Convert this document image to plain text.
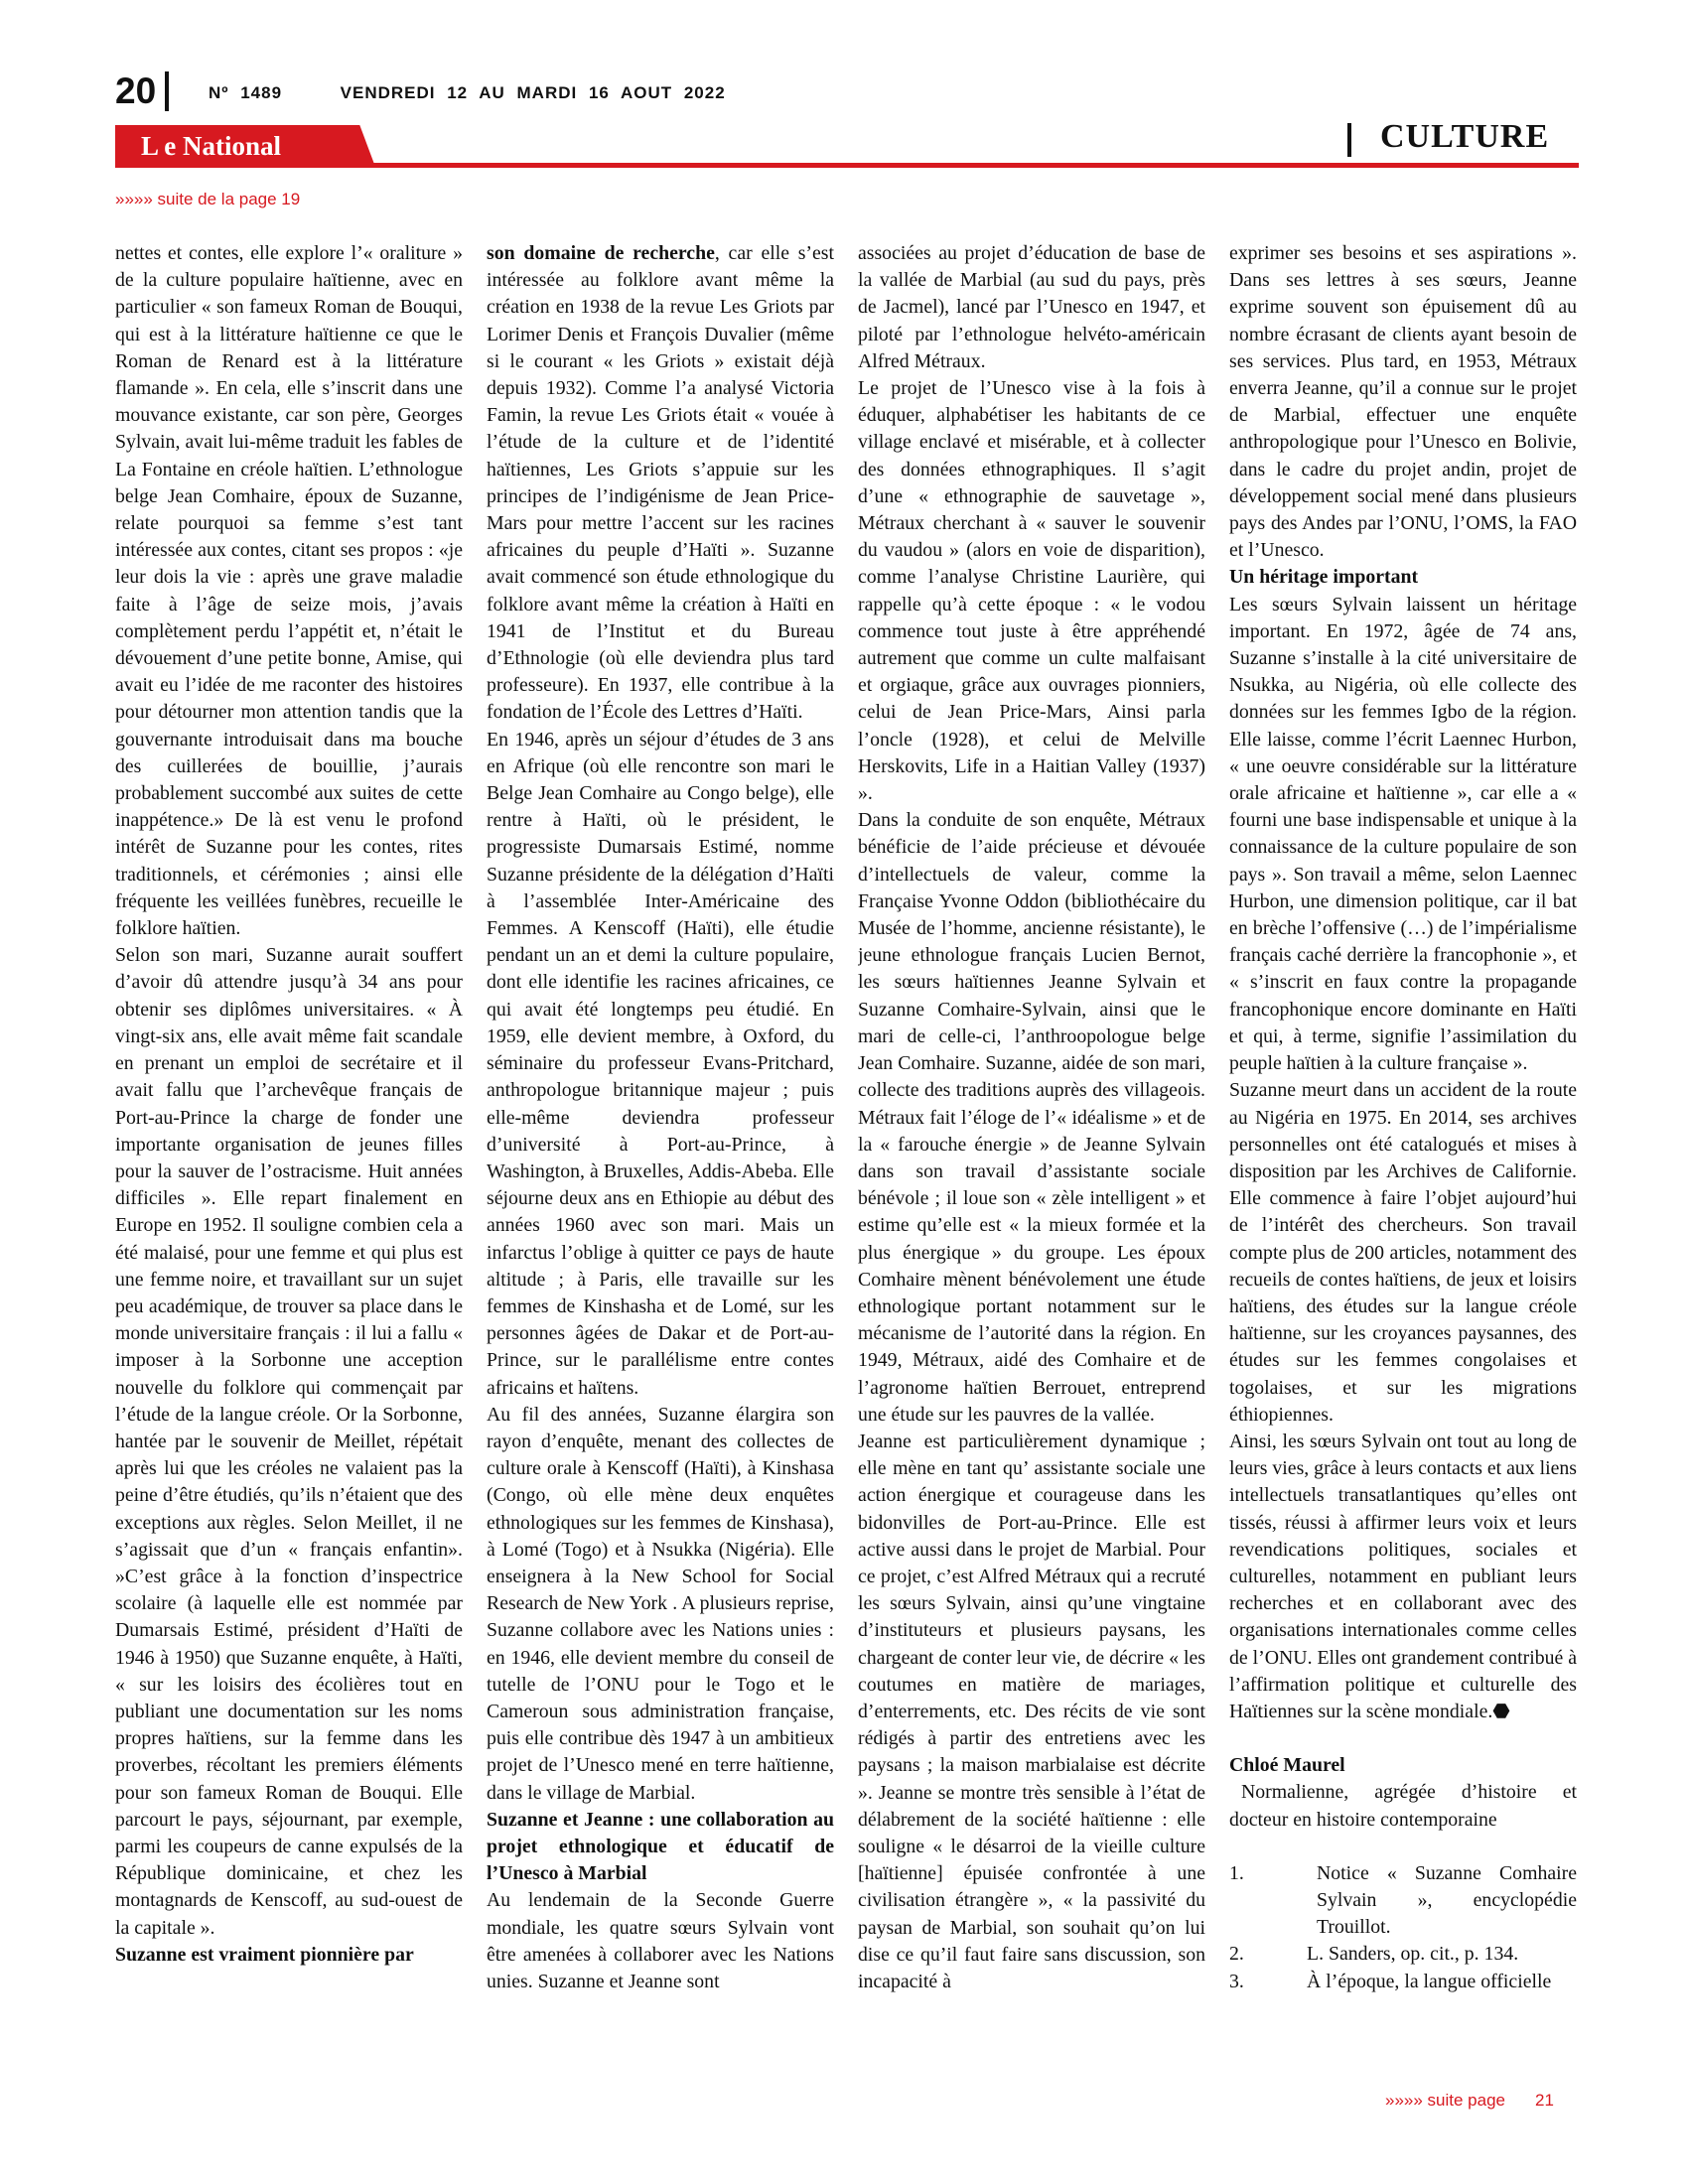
20	Nº 1489	VENDREDI 12 AU MARDI 16 AOUT 2022
L e National	CULTURE
»»»» suite de la page 19

nettes et contes, elle explore l’« oraliture » de la culture populaire haïtienne, avec en particulier « son fameux Roman de Bouqui, qui est à la littérature haïtienne ce que le Roman de Renard est à la littérature flamande ». En cela, elle s’inscrit dans une mouvance existante, car son père, Georges Sylvain, avait lui-même traduit les fables de La Fontaine en créole haïtien. L’ethnologue belge Jean Comhaire, époux de Suzanne, relate pourquoi sa femme s’est tant intéressée aux contes, citant ses propos : «je leur dois la vie : après une grave maladie faite à l’âge de seize mois, j’avais complètement perdu l’appétit et, n’était le dévouement d’une petite bonne, Amise, qui avait eu l’idée de me raconter des histoires pour détourner mon attention tandis que la gouvernante introduisait dans ma bouche des cuillerées de bouillie, j’aurais probablement succombé aux suites de cette inappétence.» De là est venu le profond intérêt de Suzanne pour les contes, rites traditionnels, et cérémonies ; ainsi elle fréquente les veillées funèbres, recueille le folklore haïtien.

Selon son mari, Suzanne aurait souffert d’avoir dû attendre jusqu’à 34 ans pour obtenir ses diplômes universitaires. « À vingt-six ans, elle avait même fait scandale en prenant un emploi de secrétaire et il avait fallu que l’archevêque français de Port-au-Prince la charge de fonder une importante organisation de jeunes filles pour la sauver de l’ostracisme. Huit années difficiles ». Elle repart finalement en Europe en 1952. Il souligne combien cela a été malaisé, pour une femme et qui plus est une femme noire, et travaillant sur un sujet peu académique, de trouver sa place dans le monde universitaire français : il lui a fallu « imposer à la Sorbonne une acception nouvelle du folklore qui commençait par l’étude de la langue créole. Or la Sorbonne, hantée par le souvenir de Meillet, répétait après lui que les créoles ne valaient pas la peine d’être étudiés, qu’ils n’étaient que des exceptions aux règles. Selon Meillet, il ne s’agissait que d’un « français enfantin». »C’est grâce à la fonction d’inspectrice scolaire (à laquelle elle est nommée par Dumarsais Estimé, président d’Haïti de 1946 à 1950) que Suzanne enquête, à Haïti, « sur les loisirs des écolières tout en publiant une documentation sur les noms propres haïtiens, sur la femme dans les proverbes, récoltant les premiers éléments pour son fameux Roman de Bouqui. Elle parcourt le pays, séjournant, par exemple, parmi les coupeurs de canne expulsés de la République dominicaine, et chez les montagnards de Kenscoff, au sud-ouest de la capitale ».

Suzanne est vraiment pionnière par

son domaine de recherche, car elle s’est intéressée au folklore avant même la création en 1938 de la revue Les Griots par Lorimer Denis et François Duvalier (même si le courant « les Griots » existait déjà depuis 1932). Comme l’a analysé Victoria Famin, la revue Les Griots était « vouée à l’étude de la culture et de l’identité haïtiennes, Les Griots s’appuie sur les principes de l’indigénisme de Jean Price-Mars pour mettre l’accent sur les racines africaines du peuple d’Haïti ». Suzanne avait commencé son étude ethnologique du folklore avant même la création à Haïti en 1941 de l’Institut et du Bureau d’Ethnologie (où elle deviendra plus tard professeure). En 1937, elle contribue à la fondation de l’École des Lettres d’Haïti.

En 1946, après un séjour d’études de 3 ans en Afrique (où elle rencontre son mari le Belge Jean Comhaire au Congo belge), elle rentre à Haïti, où le président, le progressiste Dumarsais Estimé, nomme Suzanne présidente de la délégation d’Haïti à l’assemblée Inter-Américaine des Femmes. A Kenscoff (Haïti), elle étudie pendant un an et demi la culture populaire, dont elle identifie les racines africaines, ce qui avait été longtemps peu étudié. En 1959, elle devient membre, à Oxford, du séminaire du professeur Evans-Pritchard, anthropologue britannique majeur ; puis elle-même deviendra professeur d’université à Port-au-Prince, à Washington, à Bruxelles, Addis-Abeba. Elle séjourne deux ans en Ethiopie au début des années 1960 avec son mari. Mais un infarctus l’oblige à quitter ce pays de haute altitude ; à Paris, elle travaille sur les femmes de Kinshasha et de Lomé, sur les personnes âgées de Dakar et de Port-au-Prince, sur le parallélisme entre contes africains et haïtens.

Au fil des années, Suzanne élargira son rayon d’enquête, menant des collectes de culture orale à Kenscoff (Haïti), à Kinshasa (Congo, où elle mène deux enquêtes ethnologiques sur les femmes de Kinshasa), à Lomé (Togo) et à Nsukka (Nigéria). Elle enseignera à la New School for Social Research de New York . A plusieurs reprise, Suzanne collabore avec les Nations unies : en 1946, elle devient membre du conseil de tutelle de l’ONU pour le Togo et le Cameroun sous administration française, puis elle contribue dès 1947 à un ambitieux projet de l’Unesco mené en terre haïtienne, dans le village de Marbial.

Suzanne et Jeanne : une collaboration au projet ethnologique et éducatif de l’Unesco à Marbial

Au lendemain de la Seconde Guerre mondiale, les quatre sœurs Sylvain vont être amenées à collaborer avec les Nations unies. Suzanne et Jeanne sont

associées au projet d’éducation de base de la vallée de Marbial (au sud du pays, près de Jacmel), lancé par l’Unesco en 1947, et piloté par l’ethnologue helvéto-américain Alfred Métraux.

Le projet de l’Unesco vise à la fois à éduquer, alphabétiser les habitants de ce village enclavé et misérable, et à collecter des données ethnographiques. Il s’agit d’une « ethnographie de sauvetage », Métraux cherchant à « sauver le souvenir du vaudou » (alors en voie de disparition), comme l’analyse Christine Laurière, qui rappelle qu’à cette époque : « le vodou commence tout juste à être appréhendé autrement que comme un culte malfaisant et orgiaque, grâce aux ouvrages pionniers, celui de Jean Price-Mars, Ainsi parla l’oncle (1928), et celui de Melville Herskovits, Life in a Haitian Valley (1937) ».

Dans la conduite de son enquête, Métraux bénéficie de l’aide précieuse et dévouée d’intellectuels de valeur, comme la Française Yvonne Oddon (bibliothécaire du Musée de l’homme, ancienne résistante), le jeune ethnologue français Lucien Bernot, les sœurs haïtiennes Jeanne Sylvain et Suzanne Comhaire-Sylvain, ainsi que le mari de celle-ci, l’anthroopologue belge Jean Comhaire. Suzanne, aidée de son mari, collecte des traditions auprès des villageois. Métraux fait l’éloge de l’« idéalisme » et de la « farouche énergie » de Jeanne Sylvain dans son travail d’assistante sociale bénévole ; il loue son « zèle intelligent » et estime qu’elle est « la mieux formée et la plus énergique » du groupe. Les époux Comhaire mènent bénévolement une étude ethnologique portant notamment sur le mécanisme de l’autorité dans la région. En 1949, Métraux, aidé des Comhaire et de l’agronome haïtien Berrouet, entreprend une étude sur les pauvres de la vallée.

Jeanne est particulièrement dynamique ; elle mène en tant qu’ assistante sociale une action énergique et courageuse dans les bidonvilles de Port-au-Prince. Elle est active aussi dans le projet de Marbial. Pour ce projet, c’est Alfred Métraux qui a recruté les sœurs Sylvain, ainsi qu’une vingtaine d’instituteurs et plusieurs paysans, les chargeant de conter leur vie, de décrire « les coutumes en matière de mariages, d’enterrements, etc. Des récits de vie sont rédigés à partir des entretiens avec les paysans ; la maison marbialaise est décrite ». Jeanne se montre très sensible à l’état de délabrement de la société haïtienne : elle souligne « le désarroi de la vieille culture [haïtienne] épuisée confrontée à une civilisation étrangère », « la passivité du paysan de Marbial, son souhait qu’on lui dise ce qu’il faut faire sans discussion, son incapacité à

exprimer ses besoins et ses aspirations ». Dans ses lettres à ses sœurs, Jeanne exprime souvent son épuisement dû au nombre écrasant de clients ayant besoin de ses services. Plus tard, en 1953, Métraux enverra Jeanne, qu’il a connue sur le projet de Marbial, effectuer une enquête anthropologique pour l’Unesco en Bolivie, dans le cadre du projet andin, projet de développement social mené dans plusieurs pays des Andes par l’ONU, l’OMS, la FAO et l’Unesco.

Un héritage important

Les sœurs Sylvain laissent un héritage important. En 1972, âgée de 74 ans, Suzanne s’installe à la cité universitaire de Nsukka, au Nigéria, où elle collecte des données sur les femmes Igbo de la région. Elle laisse, comme l’écrit Laennec Hurbon, « une oeuvre considérable sur la littérature orale africaine et haïtienne », car elle a « fourni une base indispensable et unique à la connaissance de la culture populaire de son pays ». Son travail a même, selon Laennec Hurbon, une dimension politique, car il bat en brèche l’offensive (…) de l’impérialisme français caché derrière la francophonie », et « s’inscrit en faux contre la propagande francophonique encore dominante en Haïti et qui, à terme, signifie l’assimilation du peuple haïtien à la culture française ».

Suzanne meurt dans un accident de la route au Nigéria en 1975. En 2014, ses archives personnelles ont été catalogués et mises à disposition par les Archives de Californie. Elle commence à faire l’objet aujourd’hui de l’intérêt des chercheurs. Son travail compte plus de 200 articles, notamment des recueils de contes haïtiens, de jeux et loisirs haïtiens, des études sur la langue créole haïtienne, sur les croyances paysannes, des études sur les femmes congolaises et togolaises, et sur les migrations éthiopiennes.

Ainsi, les sœurs Sylvain ont tout au long de leurs vies, grâce à leurs contacts et aux liens intellectuels transatlantiques qu’elles ont tissés, réussi à affirmer leurs voix et leurs revendications politiques, sociales et culturelles, notamment en publiant leurs recherches et en collaborant avec des organisations internationales comme celles de l’ONU. Elles ont grandement contribué à l’affirmation politique et culturelle des Haïtiennes sur la scène mondiale.⬣

Chloé Maurel

Normalienne, agrégée d’histoire et docteur en histoire contemporaine

1.	Notice « Suzanne Comhaire Sylvain », encyclopédie Trouillot.
2.	L. Sanders, op. cit., p. 134.
3.	À l’époque, la langue officielle
»»»» suite page 21
